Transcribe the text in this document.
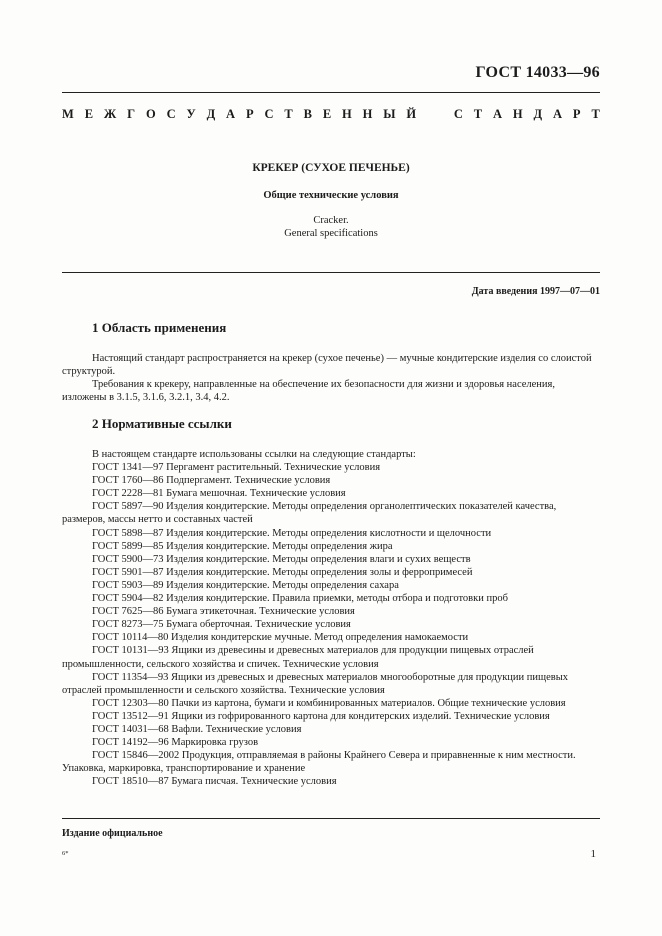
ГОСТ 14033—96
М Е Ж Г О С У Д А Р С Т В Е Н Н Ы Й	С Т А Н Д А Р Т
КРЕКЕР (СУХОЕ ПЕЧЕНЬЕ)
Общие технические условия
Cracker.
General specifications
Дата введения 1997—07—01
1 Область применения
Настоящий стандарт распространяется на крекер (сухое печенье) — мучные кондитерские изделия со слоистой структурой.
Требования к крекеру, направленные на обеспечение их безопасности для жизни и здоровья населения, изложены в 3.1.5, 3.1.6, 3.2.1, 3.4, 4.2.
2 Нормативные ссылки

В настоящем стандарте использованы ссылки на следующие стандарты:

ГОСТ 1341—97 Пергамент растительный. Технические условия

ГОСТ 1760—86 Подпергамент. Технические условия

ГОСТ 2228—81 Бумага мешочная. Технические условия

ГОСТ 5897—90 Изделия кондитерские. Методы определения органолептических показателей качества, размеров, массы нетто и составных частей

ГОСТ 5898—87 Изделия кондитерские. Методы определения кислотности и щелочности

ГОСТ 5899—85 Изделия кондитерские. Методы определения жира

ГОСТ 5900—73 Изделия кондитерские. Методы определения влаги и сухих веществ

ГОСТ 5901—87 Изделия кондитерские. Методы определения золы и ферропримесей

ГОСТ 5903—89 Изделия кондитерские. Методы определения сахара

ГОСТ 5904—82 Изделия кондитерские. Правила приемки, методы отбора и подготовки проб

ГОСТ 7625—86 Бумага этикеточная. Технические условия

ГОСТ 8273—75 Бумага оберточная. Технические условия

ГОСТ 10114—80 Изделия кондитерские мучные. Метод определения намокаемости

ГОСТ 10131—93 Ящики из древесины и древесных материалов для продукции пищевых отраслей промышленности, сельского хозяйства и спичек. Технические условия

ГОСТ 11354—93 Ящики из древесных и древесных материалов многооборотные для продукции пищевых отраслей промышленности и сельского хозяйства. Технические условия

ГОСТ 12303—80 Пачки из картона, бумаги и комбинированных материалов. Общие технические условия

ГОСТ 13512—91 Ящики из гофрированного картона для кондитерских изделий. Технические условия

ГОСТ 14031—68 Вафли. Технические условия

ГОСТ 14192—96 Маркировка грузов

ГОСТ 15846—2002 Продукция, отправляемая в районы Крайнего Севера и приравненные к ним местности. Упаковка, маркировка, транспортирование и хранение

ГОСТ 18510—87 Бумага писчая. Технические условия

Издание официальное
6*	1
